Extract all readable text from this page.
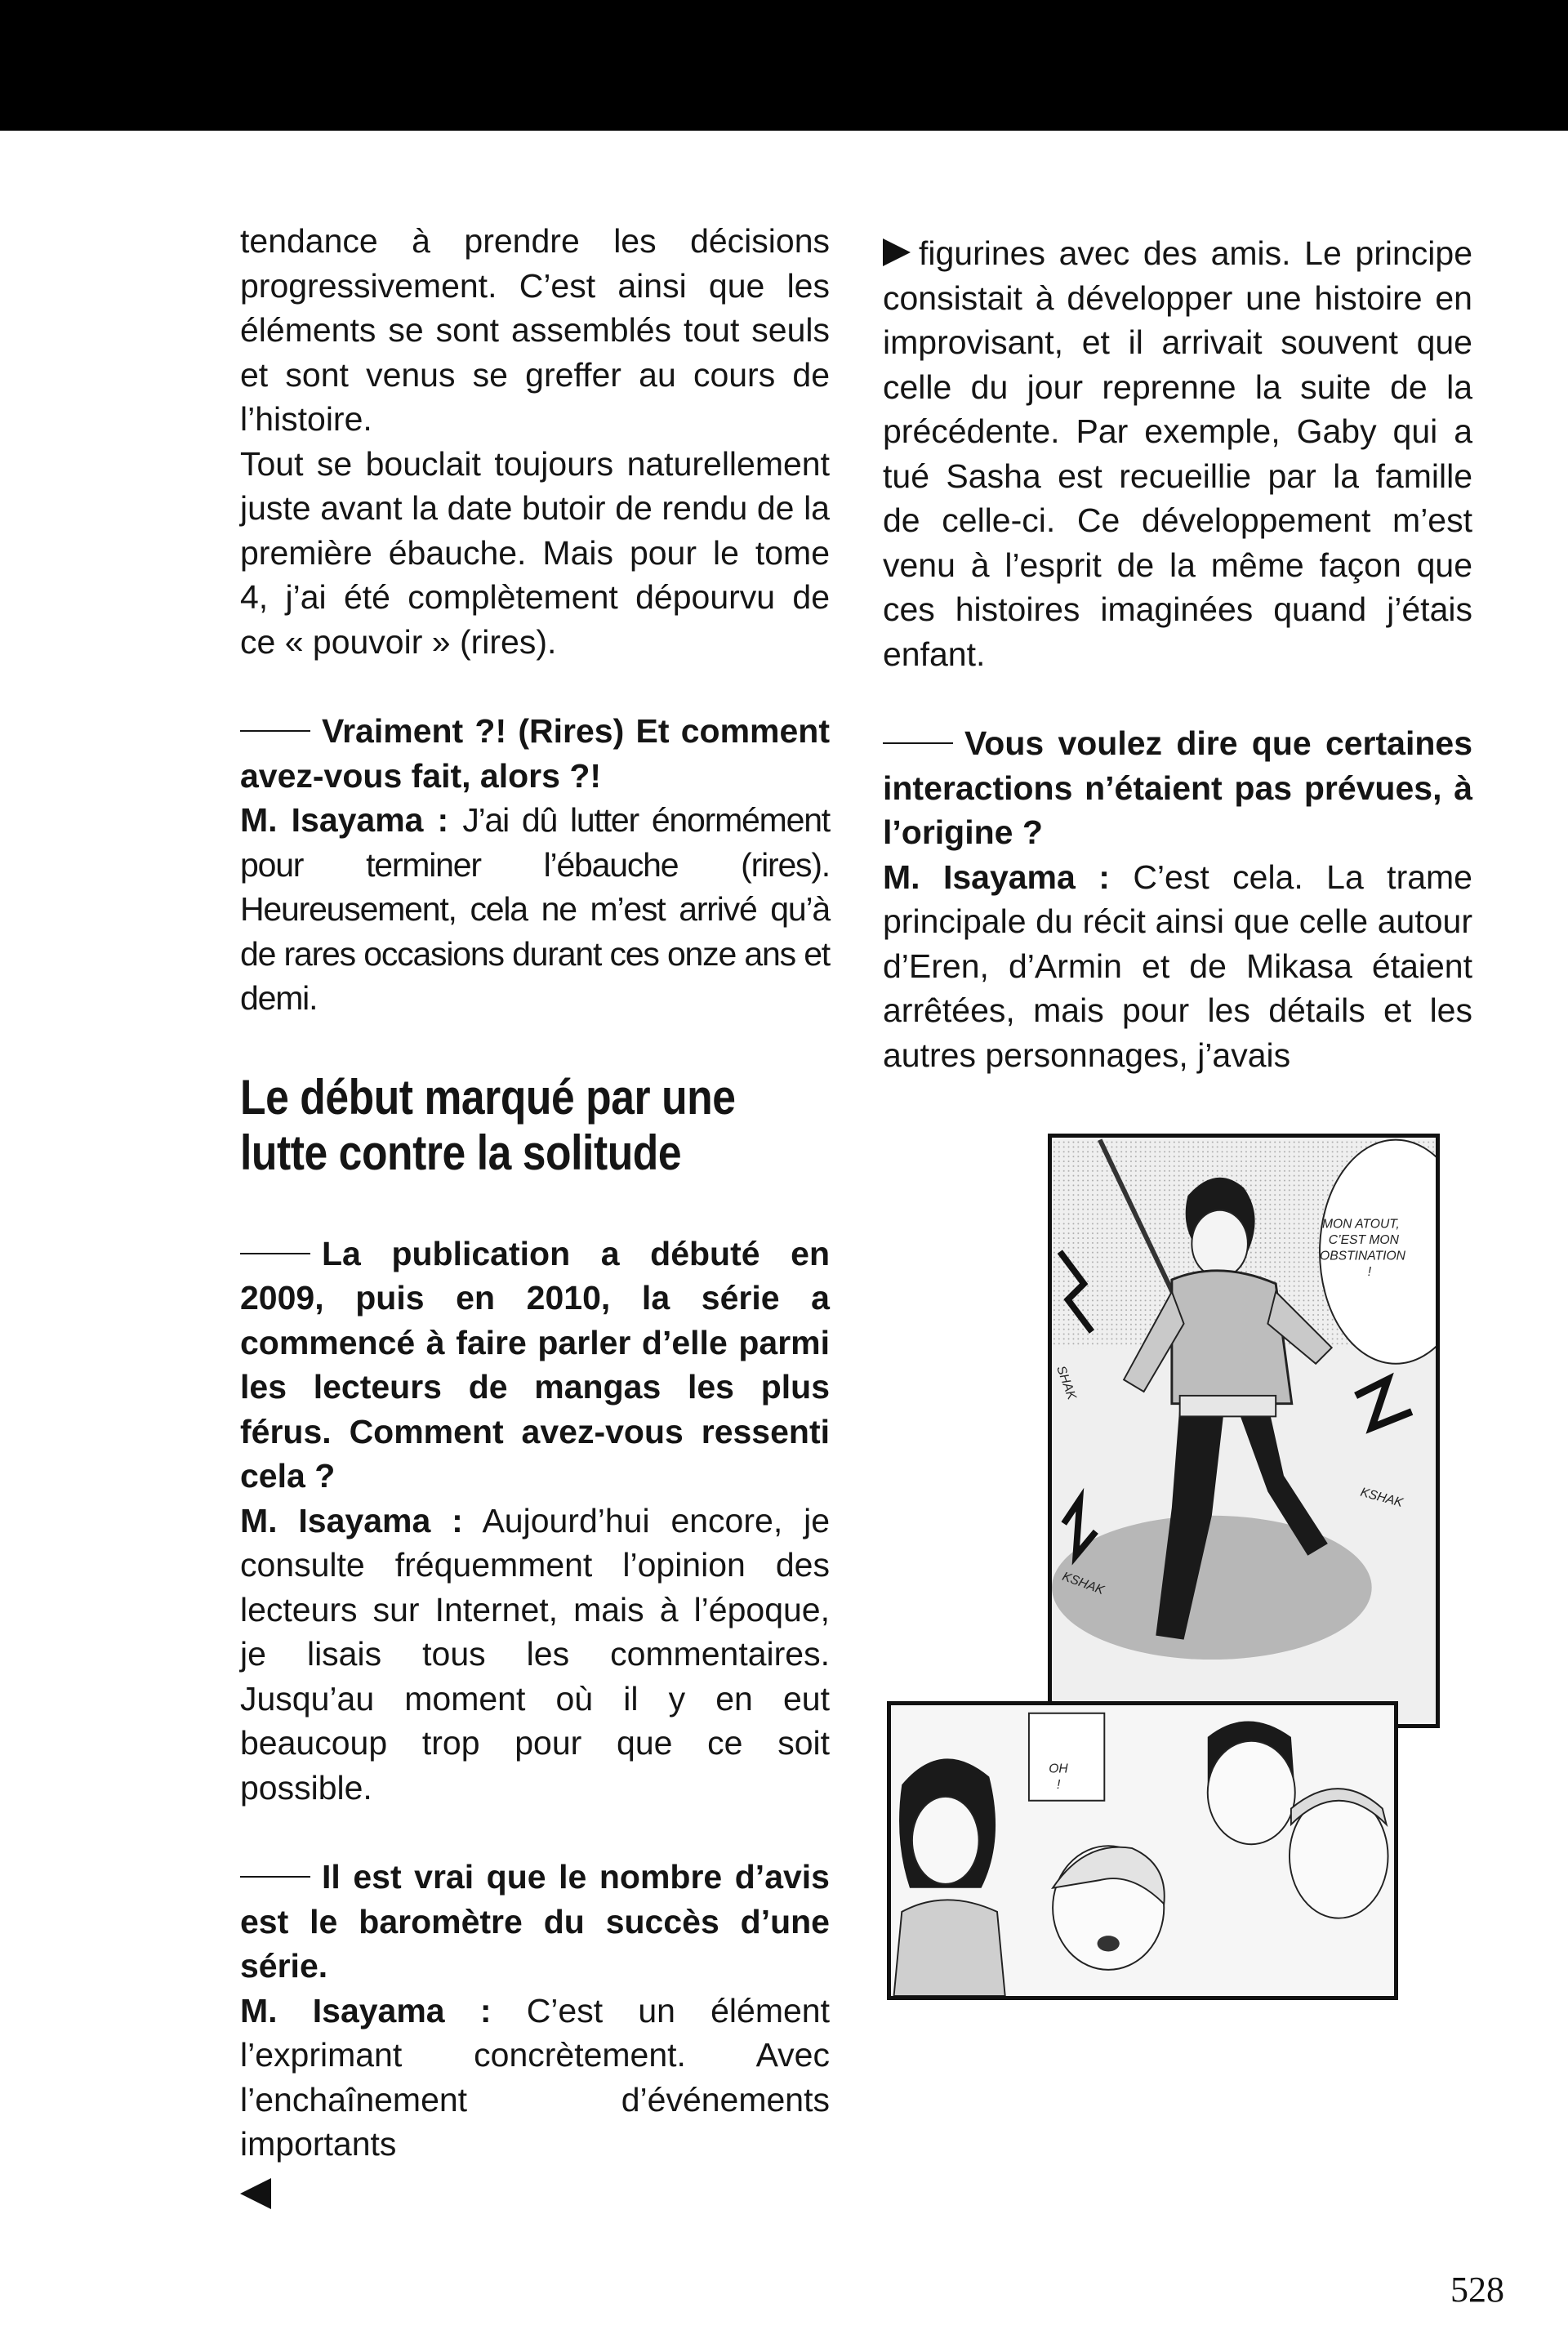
tendance à prendre les décisions progressivement. C’est ainsi que les éléments se sont assemblés tout seuls et sont venus se greffer au cours de l’histoire.

Tout se bouclait toujours naturellement juste avant la date butoir de rendu de la première ébauche. Mais pour le tome 4, j’ai été complètement dépourvu de ce « pouvoir » (rires).

Vraiment ?! (Rires) Et comment avez-vous fait, alors ?!

M. Isayama : J’ai dû lutter énormément pour terminer l’ébauche (rires). Heureusement, cela ne m’est arrivé qu’à de rares occasions durant ces onze ans et demi.

Le début marqué par une lutte contre la solitude

La publication a débuté en 2009, puis en 2010, la série a commencé à faire parler d’elle parmi les lecteurs de mangas les plus férus. Comment avez-vous ressenti cela ?

M. Isayama : Aujourd’hui encore, je consulte fréquemment l’opinion des lecteurs sur Internet, mais à l’époque, je lisais tous les commentaires. Jusqu’au moment où il y en eut beaucoup trop pour que ce soit possible.

Il est vrai que le nombre d’avis est le baromètre du succès d’une série.

M. Isayama : C’est un élément l’exprimant concrètement. Avec l’enchaînement d’événements importants

figurines avec des amis. Le principe consistait à développer une histoire en improvisant, et il arrivait souvent que celle du jour reprenne la suite de la précédente. Par exemple, Gaby qui a tué Sasha est recueillie par la famille de celle-ci. Ce développement m’est venu à l’esprit de la même façon que ces histoires imaginées quand j’étais enfant.

Vous voulez dire que certaines interactions n’étaient pas prévues, à l’origine ?

M. Isayama : C’est cela. La trame principale du récit ainsi que celle autour d’Eren, d’Armin et de Mikasa étaient arrêtées, mais pour les détails et les autres personnages, j’avais

MON ATOUT,
C’EST MON
OBSTINATION
!
SHAK
KSHAK
KSHAK
OH
!
528
